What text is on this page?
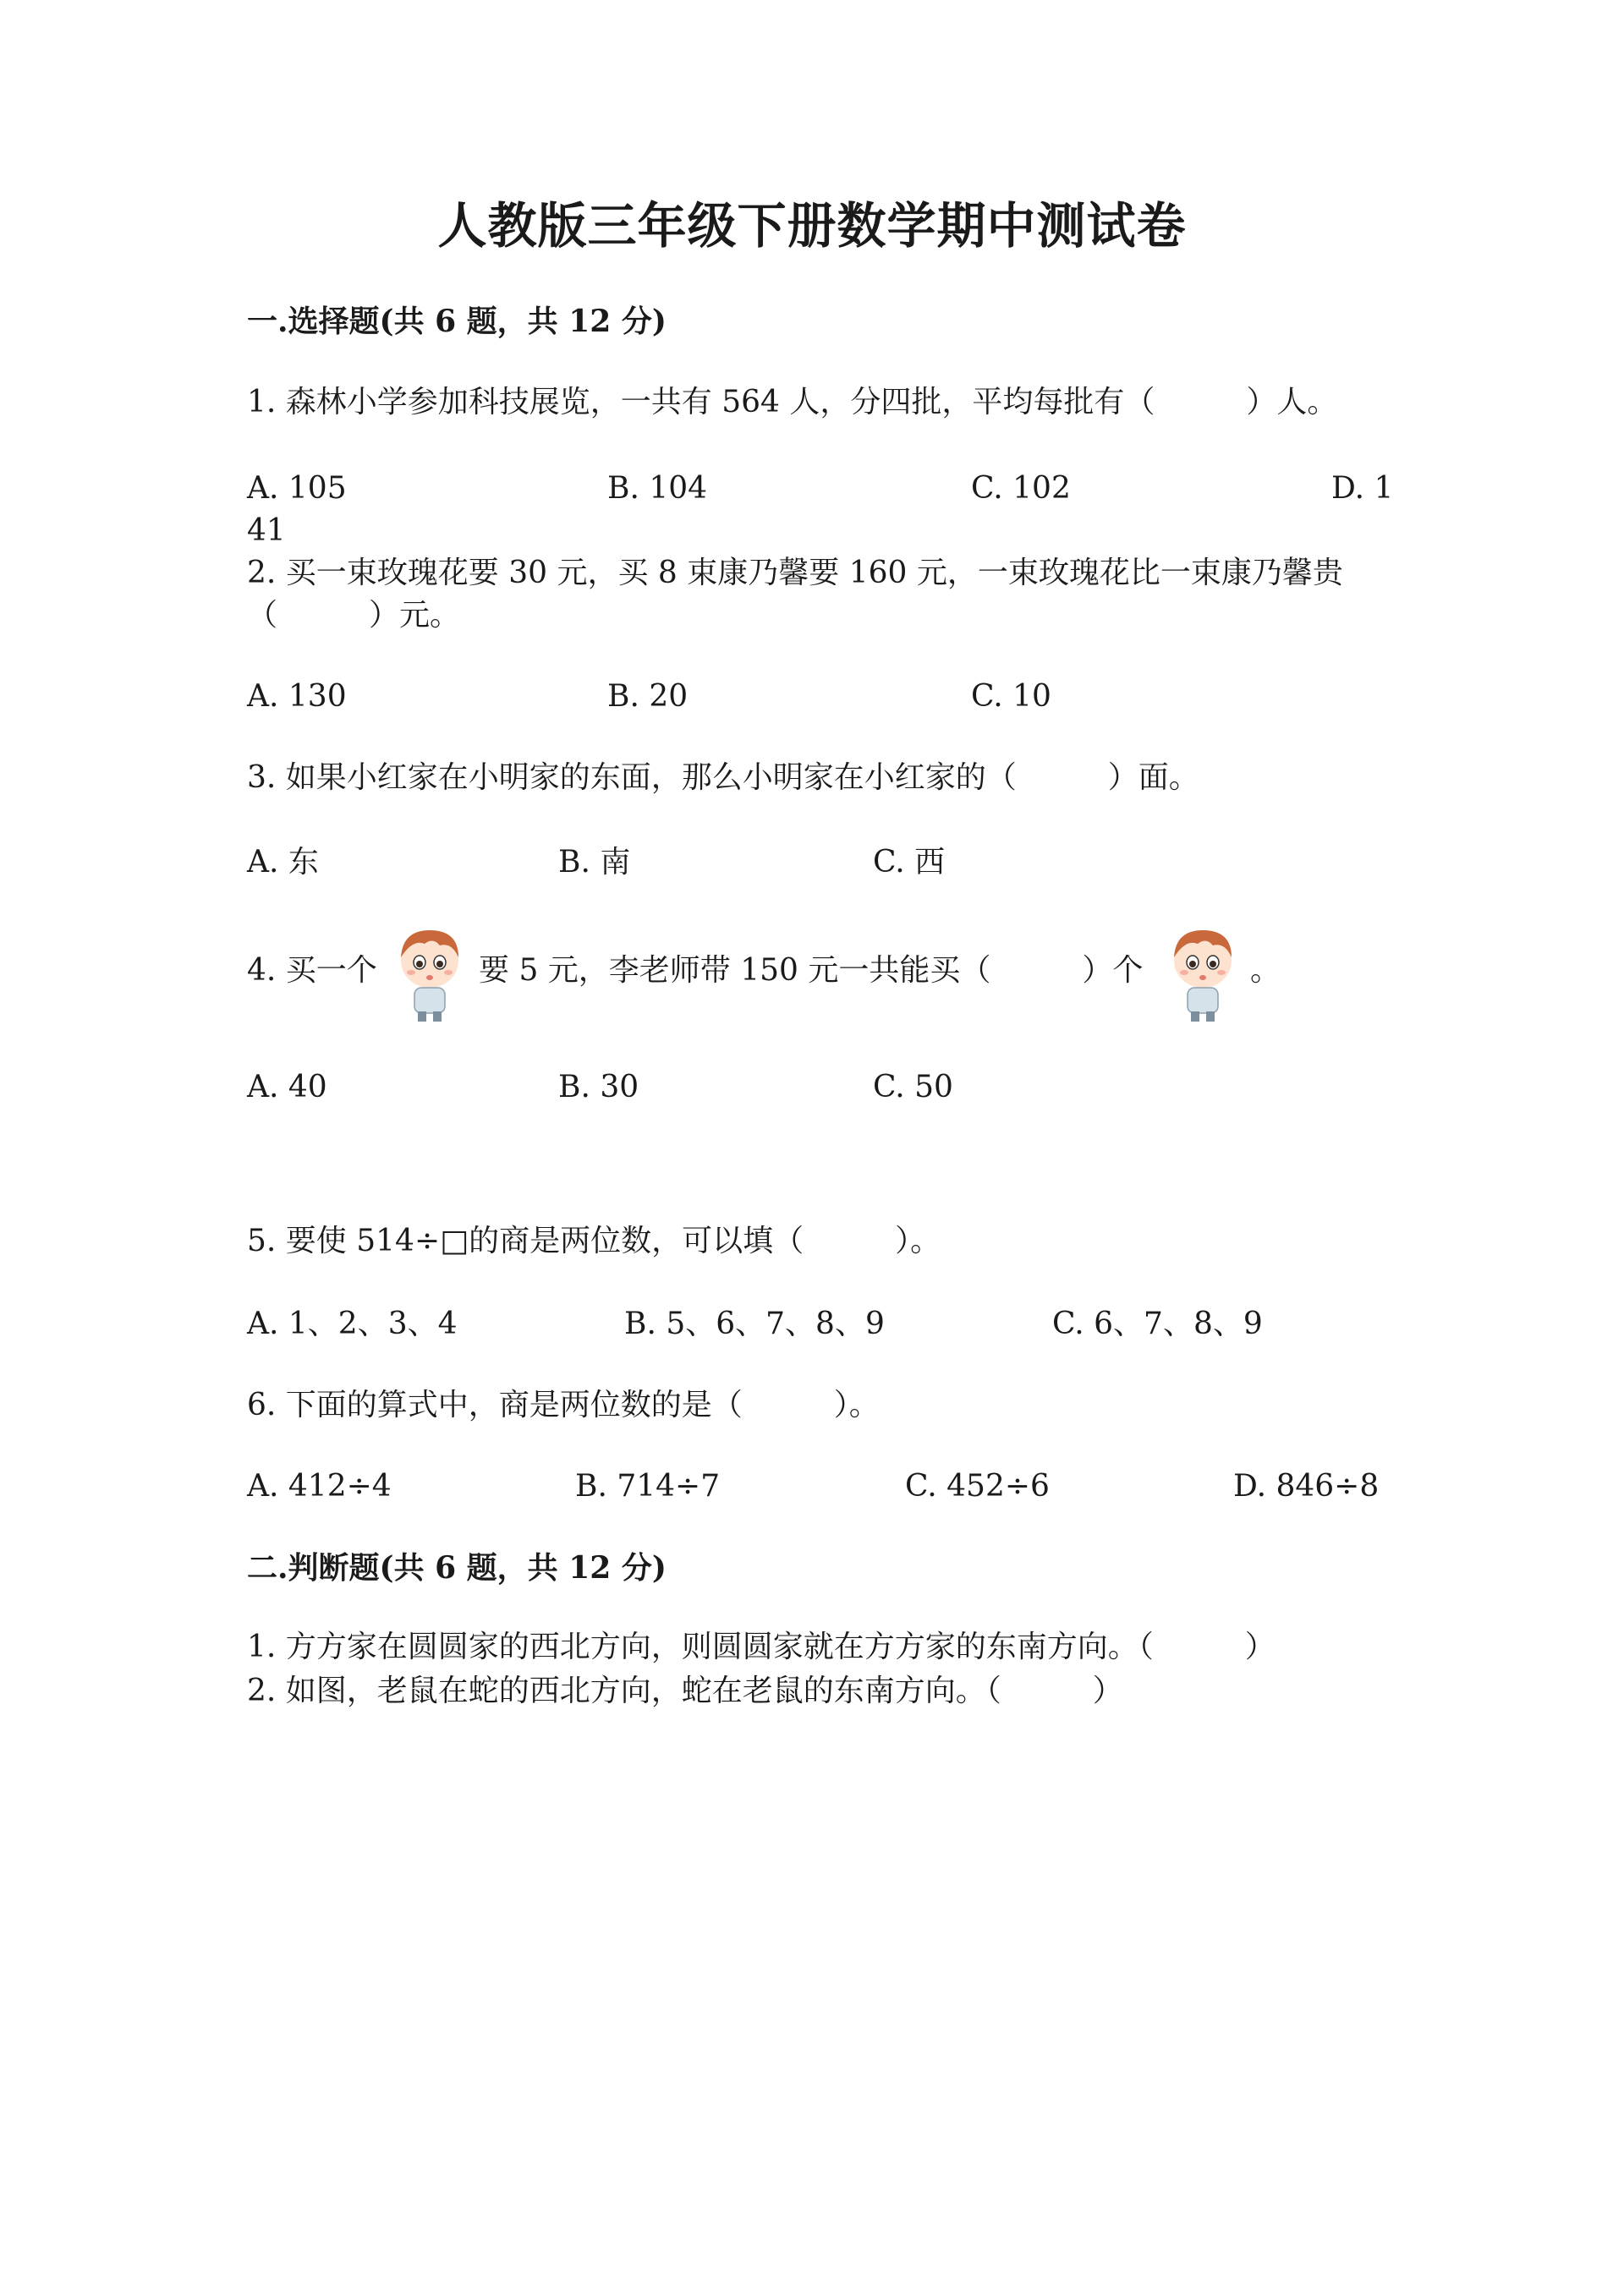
人教版三年级下册数学期中测试卷
一.选择题(共 6 题，共 12 分)
1. 森林小学参加科技展览，一共有 564 人，分四批，平均每批有（　　　）人。
A. 105	B. 104	C. 102	D. 1
41
2. 买一束玫瑰花要 30 元，买 8 束康乃馨要 160 元，一束玫瑰花比一束康乃馨贵
（　　　）元。
A. 130	B. 20	C. 10
3. 如果小红家在小明家的东面，那么小明家在小红家的（　　　）面。
A. 东	B. 南	C. 西
4. 买一个	要 5 元，李老师带 150 元一共能买（　　　）个	。
A. 40	B. 30	C. 50
5. 要使 514÷□的商是两位数，可以填（　　　）。
A. 1、2、3、4	B. 5、6、7、8、9	C. 6、7、8、9
6. 下面的算式中，商是两位数的是（　　　）。
A. 412÷4	B. 714÷7	C. 452÷6	D. 846÷8
二.判断题(共 6 题，共 12 分)
1. 方方家在圆圆家的西北方向，则圆圆家就在方方家的东南方向。（　　　）
2. 如图，老鼠在蛇的西北方向，蛇在老鼠的东南方向。（　　　）
